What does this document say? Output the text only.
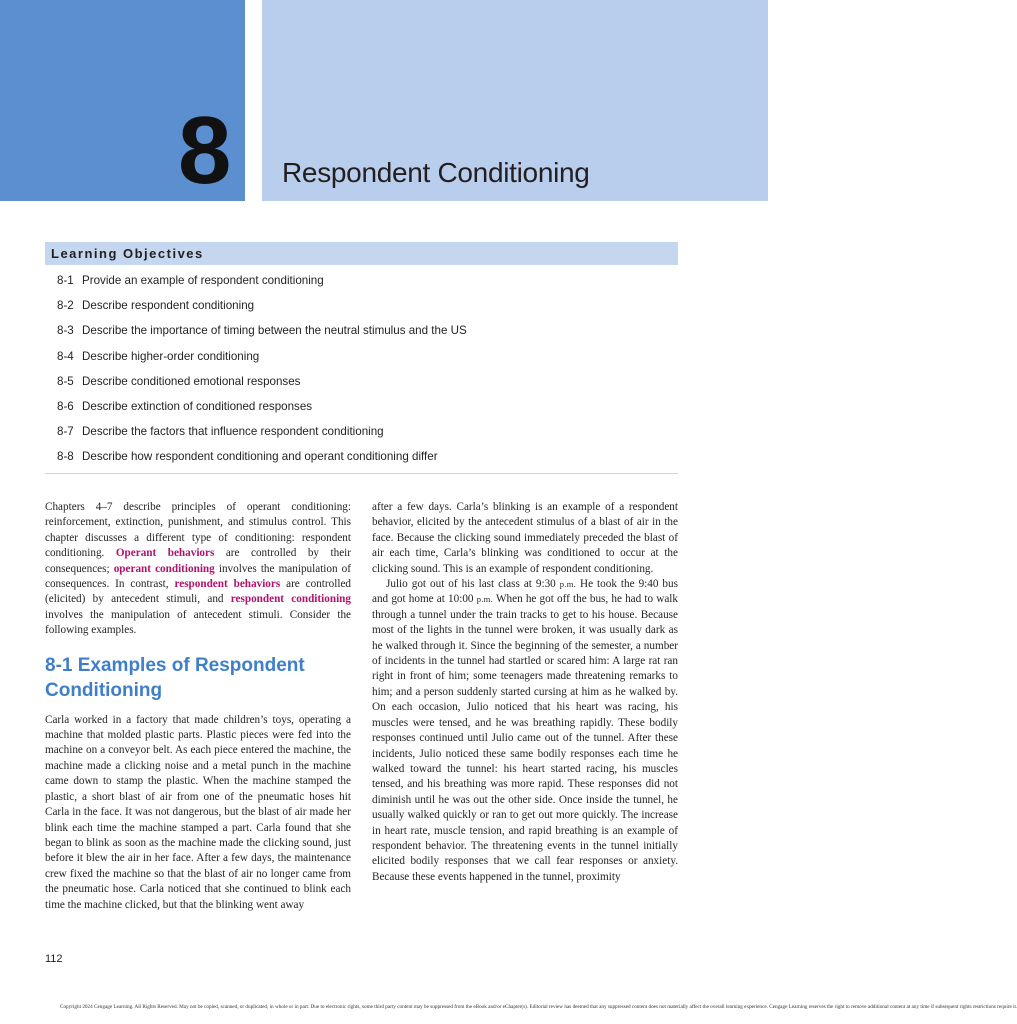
8	Respondent Conditioning
Learning Objectives
8-1 Provide an example of respondent conditioning
8-2 Describe respondent conditioning
8-3 Describe the importance of timing between the neutral stimulus and the US
8-4 Describe higher-order conditioning
8-5 Describe conditioned emotional responses
8-6 Describe extinction of conditioned responses
8-7 Describe the factors that influence respondent conditioning
8-8 Describe how respondent conditioning and operant conditioning differ

Chapters 4–7 describe principles of operant conditioning: reinforcement, extinction, punishment, and stimulus control. This chapter discusses a different type of conditioning: respondent conditioning. Operant behaviors are controlled by their consequences; operant conditioning involves the manipulation of consequences. In contrast, respondent behaviors are controlled (elicited) by antecedent stimuli, and respondent conditioning involves the manipulation of antecedent stimuli. Consider the following examples.

8-1 Examples of Respondent Conditioning

Carla worked in a factory that made children’s toys, operating a machine that molded plastic parts. Plastic pieces were fed into the machine on a conveyor belt. As each piece entered the machine, the machine made a clicking noise and a metal punch in the machine came down to stamp the plastic. When the machine stamped the plastic, a short blast of air from one of the pneumatic hoses hit Carla in the face. It was not dangerous, but the blast of air made her blink each time the machine stamped a part. Carla found that she began to blink as soon as the machine made the clicking sound, just before it blew the air in her face. After a few days, the maintenance crew fixed the machine so that the blast of air no longer came from the pneumatic hose. Carla noticed that she continued to blink each time the machine clicked, but that the blinking went away

after a few days. Carla’s blinking is an example of a respondent behavior, elicited by the antecedent stimulus of a blast of air in the face. Because the clicking sound immediately preceded the blast of air each time, Carla’s blinking was conditioned to occur at the clicking sound. This is an example of respondent conditioning.

Julio got out of his last class at 9:30 p.m. He took the 9:40 bus and got home at 10:00 p.m. When he got off the bus, he had to walk through a tunnel under the train tracks to get to his house. Because most of the lights in the tunnel were broken, it was usually dark as he walked through it. Since the beginning of the semester, a number of incidents in the tunnel had startled or scared him: A large rat ran right in front of him; some teenagers made threatening remarks to him; and a person suddenly started cursing at him as he walked by. On each occasion, Julio noticed that his heart was racing, his muscles were tensed, and he was breathing rapidly. These bodily responses continued until Julio came out of the tunnel. After these incidents, Julio noticed these same bodily responses each time he walked toward the tunnel: his heart started racing, his muscles tensed, and his breathing was more rapid. These responses did not diminish until he was out the other side. Once inside the tunnel, he usually walked quickly or ran to get out more quickly. The increase in heart rate, muscle tension, and rapid breathing is an example of respondent behavior. The threatening events in the tunnel initially elicited bodily responses that we call fear responses or anxiety. Because these events happened in the tunnel, proximity

112
Copyright 2024 Cengage Learning. All Rights Reserved. May not be copied, scanned, or duplicated, in whole or in part. Due to electronic rights, some third party content may be suppressed from the eBook and/or eChapter(s). Editorial review has deemed that any suppressed content does not materially affect the overall learning experience. Cengage Learning reserves the right to remove additional content at any time if subsequent rights restrictions require it.
